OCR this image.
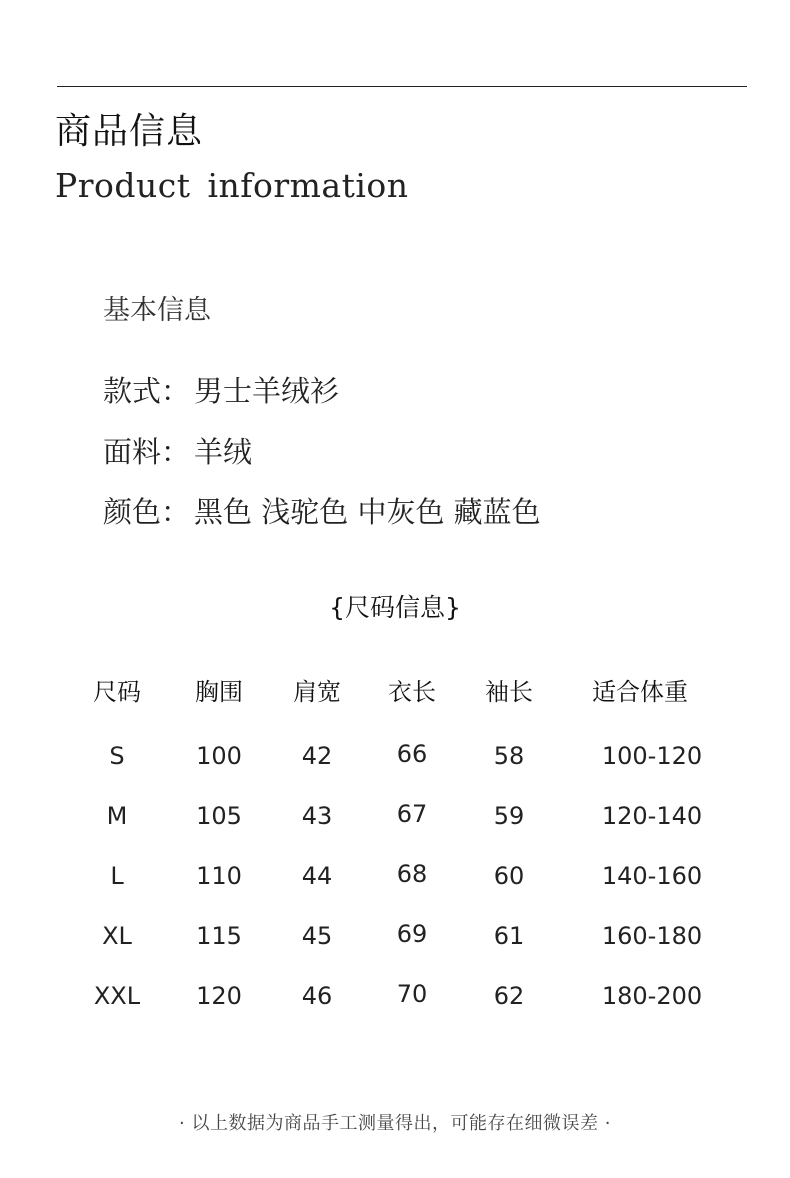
商品信息
Product information
基本信息
款式： 男士羊绒衫
面料： 羊绒
颜色： 黑色 浅驼色 中灰色 藏蓝色
{尺码信息}
尺码 胸围 肩宽 衣长 袖长 适合体重
S	100 42	66	58	100-120
M	105 43	67	59	120-140
L	110 44	68	60	140-160
XL	115 45	69	61	160-180
XXL 120 46	70	62	180-200
· 以上数据为商品手工测量得出，可能存在细微误差 ·
